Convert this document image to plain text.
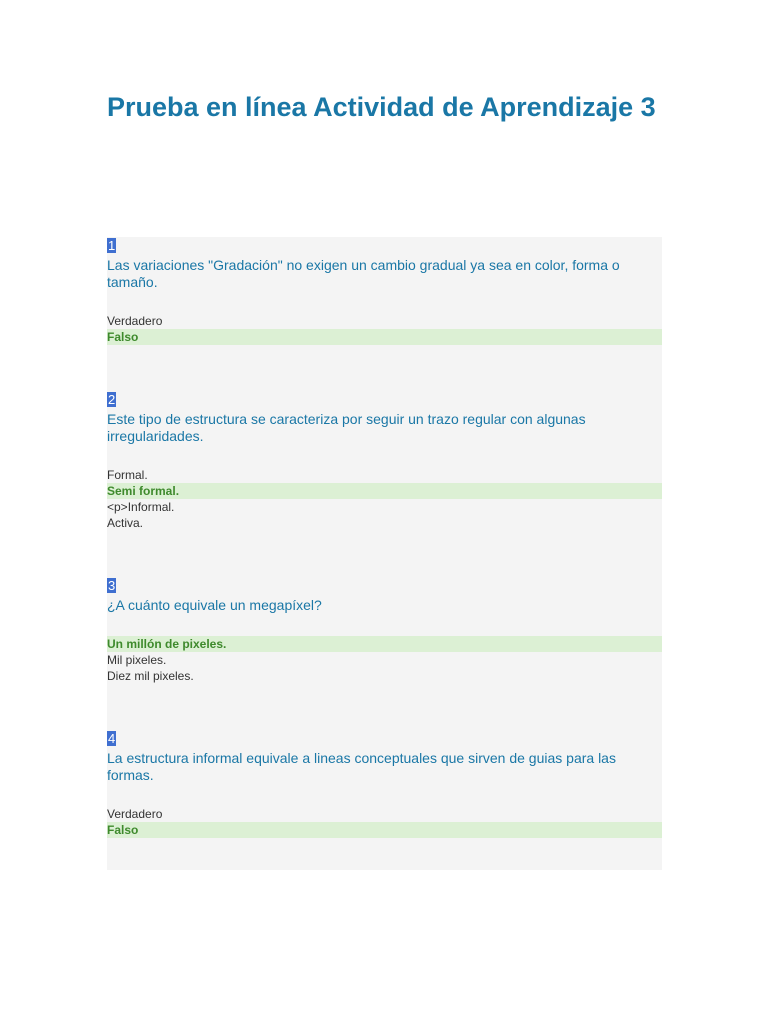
Prueba en línea Actividad de Aprendizaje 3
1
Las variaciones "Gradación" no exigen un cambio gradual ya sea en color, forma o tamaño.
Verdadero
Falso
2
Este tipo de estructura se caracteriza por seguir un trazo regular con algunas irregularidades.
Formal.
Semi formal.
<p>Informal.
Activa.
3
¿A cuánto equivale un megapíxel?
Un millón de pixeles.
Mil pixeles.
Diez mil pixeles.
4
La estructura informal equivale a lineas conceptuales que sirven de guias para las formas.
Verdadero
Falso
